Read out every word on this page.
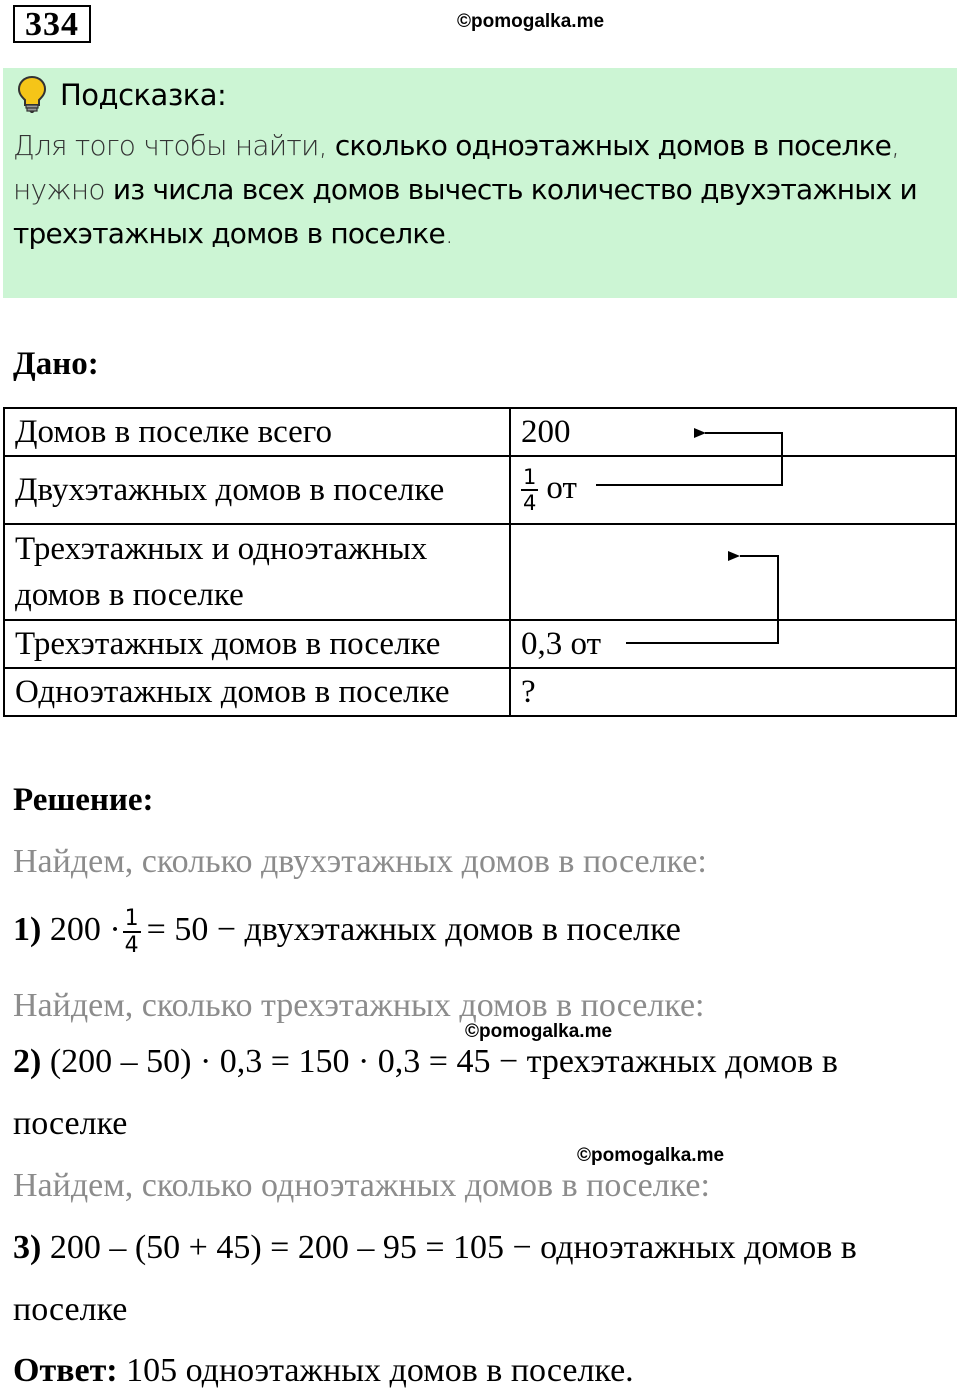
334	©pomogalka.me
Подсказка:
Для того чтобы найти, сколько одноэтажных домов в поселке, нужно из числа всех домов вычесть количество двухэтажных и трехэтажных домов в поселке.
Дано:
Домов в поселке всего	200
Двухэтажных домов в поселке	$\frac{1}{4}$ от
Трехэтажных и одноэтажных домов в поселке	
Трехэтажных домов в поселке	0,3 от
Одноэтажных домов в поселке	?
Решение:
Найдем, сколько двухэтажных домов в поселке:
1) $200 \cdot \frac{1}{4} = 50$ − двухэтажных домов в поселке
Найдем, сколько трехэтажных домов в поселке:
©pomogalka.me
2) (200 – 50) · 0,3 = 150 · 0,3 = 45 − трехэтажных домов в
поселке
©pomogalka.me
Найдем, сколько одноэтажных домов в поселке:
3) 200 – (50 + 45) = 200 – 95 = 105 − одноэтажных домов в
поселке
Ответ: 105 одноэтажных домов в поселке.
